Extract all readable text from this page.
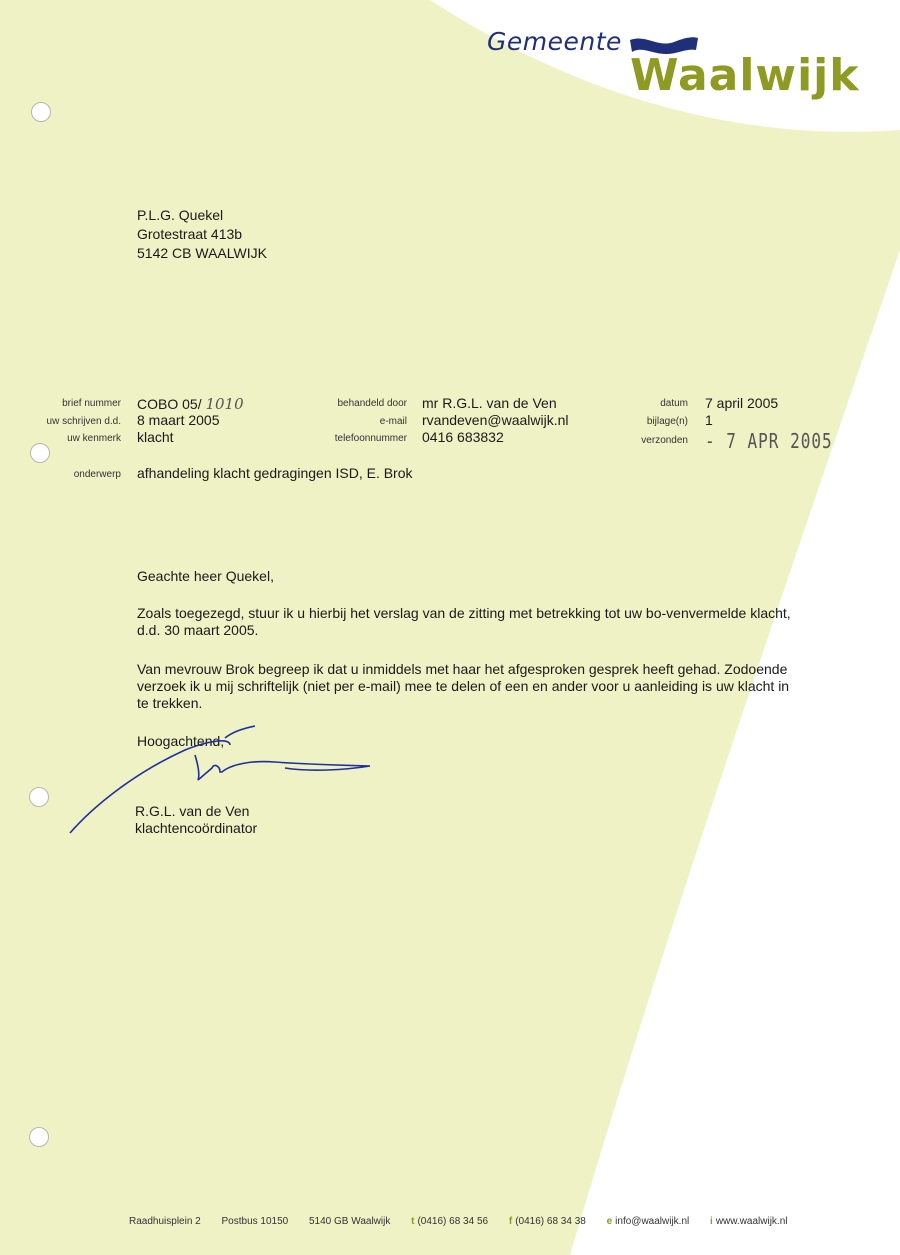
Gemeente
Waalwijk
P.L.G. Quekel
Grotestraat 413b
5142 CB WAALWIJK
brief nummer COBO 05/ 1010
uw schrijven d.d. 8 maart 2005
uw kenmerk klacht
behandeld door mr R.G.L. van de Ven
e-mail rvandeven@waalwijk.nl
telefoonnummer 0416 683832
datum 7 april 2005
bijlage(n) 1
verzonden - 7 APR 2005
onderwerp afhandeling klacht gedragingen ISD, E. Brok
Geachte heer Quekel,
Zoals toegezegd, stuur ik u hierbij het verslag van de zitting met betrekking tot uw bo-venvermelde klacht, d.d. 30 maart 2005.
Van mevrouw Brok begreep ik dat u inmiddels met haar het afgesproken gesprek heeft gehad. Zodoende verzoek ik u mij schriftelijk (niet per e-mail) mee te delen of een en ander voor u aanleiding is uw klacht in te trekken.
Hoogachtend,
R.G.L. van de Ven
klachtencoördinator
Raadhuisplein 2 Postbus 10150 5140 GB Waalwijk t (0416) 68 34 56 f (0416) 68 34 38 e info@waalwijk.nl i www.waalwijk.nl
